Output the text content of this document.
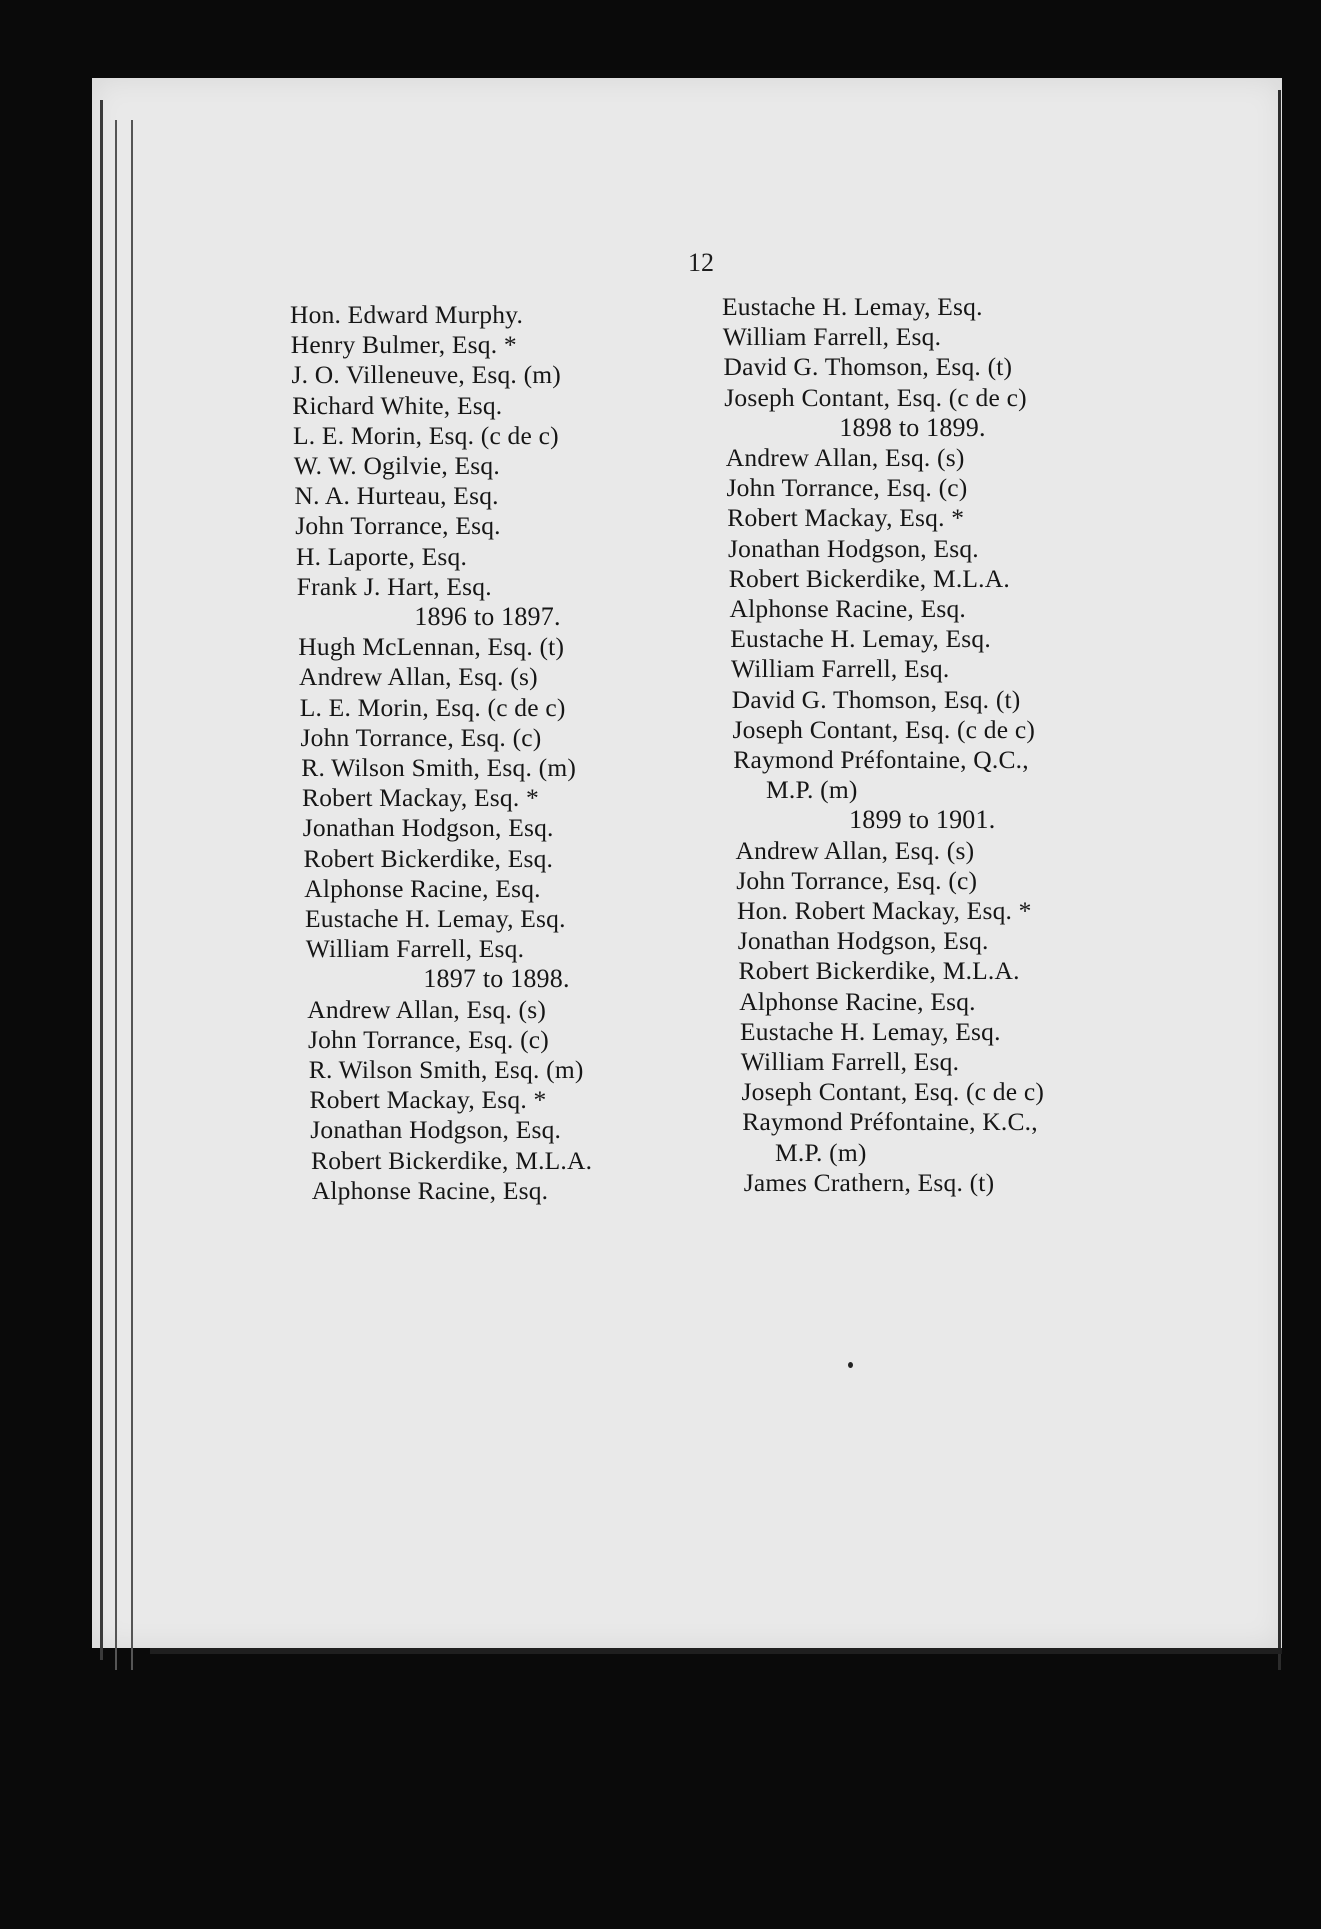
12
Hon. Edward Murphy.
Henry Bulmer, Esq. *
J. O. Villeneuve, Esq. (m)
Richard White, Esq.
L. E. Morin, Esq. (c de c)
W. W. Ogilvie, Esq.
N. A. Hurteau, Esq.
John Torrance, Esq.
H. Laporte, Esq.
Frank J. Hart, Esq.
1896 to 1897.
Hugh McLennan, Esq. (t)
Andrew Allan, Esq. (s)
L. E. Morin, Esq. (c de c)
John Torrance, Esq. (c)
R. Wilson Smith, Esq. (m)
Robert Mackay, Esq. *
Jonathan Hodgson, Esq.
Robert Bickerdike, Esq.
Alphonse Racine, Esq.
Eustache H. Lemay, Esq.
William Farrell, Esq.
1897 to 1898.
Andrew Allan, Esq. (s)
John Torrance, Esq. (c)
R. Wilson Smith, Esq. (m)
Robert Mackay, Esq. *
Jonathan Hodgson, Esq.
Robert Bickerdike, M.L.A.
Alphonse Racine, Esq.
Eustache H. Lemay, Esq.
William Farrell, Esq.
David G. Thomson, Esq. (t)
Joseph Contant, Esq. (c de c)
1898 to 1899.
Andrew Allan, Esq. (s)
John Torrance, Esq. (c)
Robert Mackay, Esq. *
Jonathan Hodgson, Esq.
Robert Bickerdike, M.L.A.
Alphonse Racine, Esq.
Eustache H. Lemay, Esq.
William Farrell, Esq.
David G. Thomson, Esq. (t)
Joseph Contant, Esq. (c de c)
Raymond Préfontaine, Q.C.,
M.P. (m)
1899 to 1901.
Andrew Allan, Esq. (s)
John Torrance, Esq. (c)
Hon. Robert Mackay, Esq. *
Jonathan Hodgson, Esq.
Robert Bickerdike, M.L.A.
Alphonse Racine, Esq.
Eustache H. Lemay, Esq.
William Farrell, Esq.
Joseph Contant, Esq. (c de c)
Raymond Préfontaine, K.C.,
M.P. (m)
James Crathern, Esq. (t)
